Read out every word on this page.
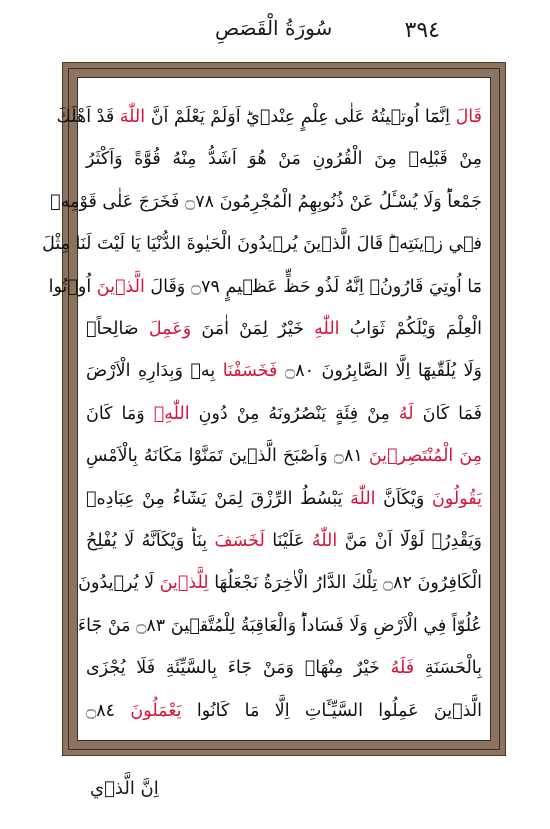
سُورَةُ الْقَصَصِ	٣٩٤
قَالَ اِنَّمَٓا اُوت۪يتُهُ عَلٰى عِلْمٍ عِنْد۪يؕ اَوَلَمْ يَعْلَمْ اَنَّ اللّٰهَ قَدْ اَهْلَكَ
مِنْ قَبْلِه۪ مِنَ الْقُرُونِ مَنْ هُوَ اَشَدُّ مِنْهُ قُوَّةً وَاَكْثَرُ
جَمْعاًؕ وَلَا يُسْـَٔلُ عَنْ ذُنُوبِهِمُ الْمُجْرِمُونَ ۝٧٨ فَخَرَجَ عَلٰى قَوْمِه۪
ف۪ي ز۪ينَتِه۪ؕ قَالَ الَّذ۪ينَ يُر۪يدُونَ الْحَيٰوةَ الدُّنْيَا يَا لَيْتَ لَنَا مِثْلَ
مَٓا اُوتِيَ قَارُونُۙ اِنَّهُ لَذُو حَظٍّ عَظ۪يمٍ ۝٧٩ وَقَالَ الَّذ۪ينَ اُو۫تُوا
الْعِلْمَ وَيْلَكُمْ ثَوَابُ اللّٰهِ خَيْرٌ لِمَنْ اٰمَنَ وَعَمِلَ صَالِحاًۚ
وَلَا يُلَقّٰيهَٓا اِلَّا الصَّابِرُونَ ۝٨٠ فَخَسَفْنَا بِه۪ وَبِدَارِهِ الْاَرْضَ
فَمَا كَانَ لَهُ مِنْ فِئَةٍ يَنْصُرُونَهُ مِنْ دُونِ اللّٰهِۗ وَمَا كَانَ
مِنَ الْمُنْتَصِر۪ينَ ۝٨١ وَاَصْبَحَ الَّذ۪ينَ تَمَنَّوْا مَكَانَهُ بِالْاَمْسِ
يَقُولُونَ وَيْكَاَنَّ اللّٰهَ يَبْسُطُ الرِّزْقَ لِمَنْ يَشَٓاءُ مِنْ عِبَادِه۪
وَيَقْدِرُۚ لَوْلَٓا اَنْ مَنَّ اللّٰهُ عَلَيْنَا لَخَسَفَ بِنَاؕ وَيْكَاَنَّهُ لَا يُفْلِحُ
الْكَافِرُونَ ۝٨٢ تِلْكَ الدَّارُ الْاٰخِرَةُ نَجْعَلُهَا لِلَّذ۪ينَ لَا يُر۪يدُونَ
عُلُوّاً فِي الْاَرْضِ وَلَا فَسَاداًؕ وَالْعَاقِبَةُ لِلْمُتَّق۪ينَ ۝٨٣ مَنْ جَٓاءَ
بِالْحَسَنَةِ فَلَهُ خَيْرٌ مِنْهَاۚ وَمَنْ جَٓاءَ بِالسَّيِّئَةِ فَلَا يُجْزَى
الَّذ۪ينَ عَمِلُوا السَّيِّـَٔاتِ اِلَّا مَا كَانُوا يَعْمَلُونَ ۝٨٤
اِنَّ الَّذ۪ي
